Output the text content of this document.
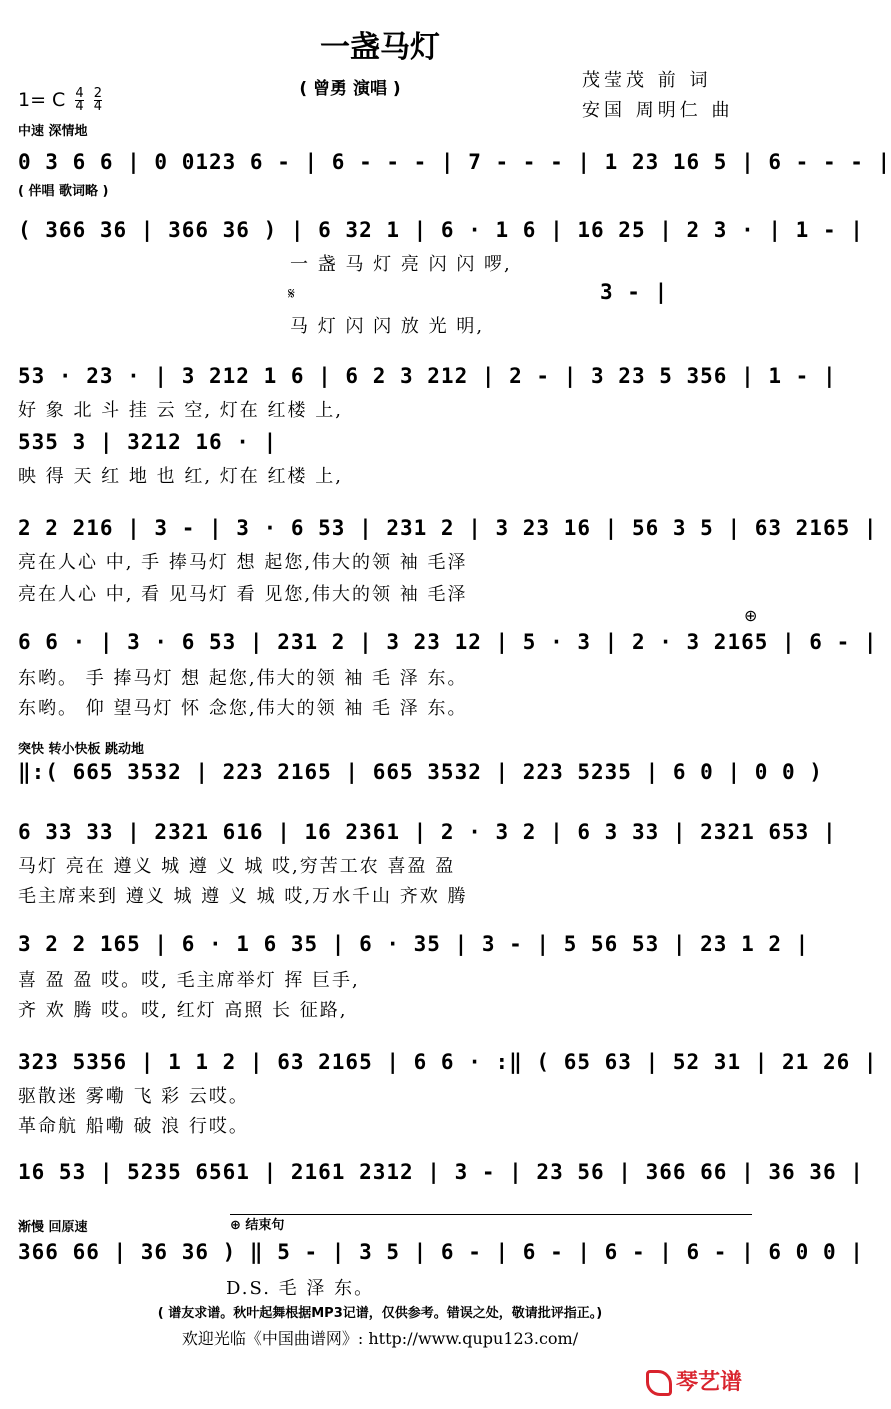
一盏马灯
( 曾勇 演唱 )	茂莹茂 前 词
安国 周明仁 曲
1= C $\frac{4}{4}$
$\frac{2}{4}$
中速 深情地
0 3 6 6 | 0 0123 6 - | 6 - - - | 7 - - - | 1 23 16 5 | 6 - - - |
( 伴唱 歌词略 )
( 366 36 | 366 36 ) | 6 32 1 | 6 · 1 6 | 16 25 | 2 3 · | 1 - |
一 盏 马 灯 亮 闪 闪 啰,
𝄋	3 - |
马 灯 闪 闪 放 光 明,
53 · 23 · | 3 212 1 6 | 6 2 3 212 | 2 - | 3 23 5 356 | 1 - |
好 象 北 斗 挂 云 空, 灯在 红楼 上,
535 3 | 3212 16 · |
映 得 天 红 地 也 红, 灯在 红楼 上,
2 2 216 | 3 - | 3 · 6 53 | 231 2 | 3 23 16 | 56 3 5 | 63 2165 |
亮在人心 中, 手 捧马灯 想 起您,伟大的领 袖 毛泽
亮在人心 中, 看 见马灯 看 见您,伟大的领 袖 毛泽
⊕
6 6 · | 3 · 6 53 | 231 2 | 3 23 12 | 5 · 3 | 2 · 3 2165 | 6 - |
东哟。 手 捧马灯 想 起您,伟大的领 袖 毛 泽 东。
东哟。 仰 望马灯 怀 念您,伟大的领 袖 毛 泽 东。
突快 转小快板 跳动地
‖:( 665 3532 | 223 2165 | 665 3532 | 223 5235 | 6 0 | 0 0 )
6 33 33 | 2321 616 | 16 2361 | 2 · 3 2 | 6 3 33 | 2321 653 |
马灯 亮在 遵义 城 遵 义 城 哎,穷苦工农 喜盈 盈
毛主席来到 遵义 城 遵 义 城 哎,万水千山 齐欢 腾
3 2 2 165 | 6 · 1 6 35 | 6 · 35 | 3 - | 5 56 53 | 23 1 2 |
喜 盈 盈 哎。哎, 毛主席举灯 挥 巨手,
齐 欢 腾 哎。哎, 红灯 高照 长 征路,
323 5356 | 1 1 2 | 63 2165 | 6 6 · :‖ ( 65 63 | 52 31 | 21 26 |
驱散迷 雾嘞 飞 彩 云哎。
革命航 船嘞 破 浪 行哎。
16 53 | 5235 6561 | 2161 2312 | 3 - | 23 56 | 366 66 | 36 36 |
渐慢 回原速	⊕ 结束句
366 66 | 36 36 ) ‖ 5 - | 3 5 | 6 - | 6 - | 6 - | 6 - | 6 0 0 |
D.S. 毛 泽 东。
( 谱友求谱。秋叶起舞根据MP3记谱，仅供参考。错误之处，敬请批评指正。)
欢迎光临《中国曲谱网》: http://www.qupu123.com/
琴艺谱
